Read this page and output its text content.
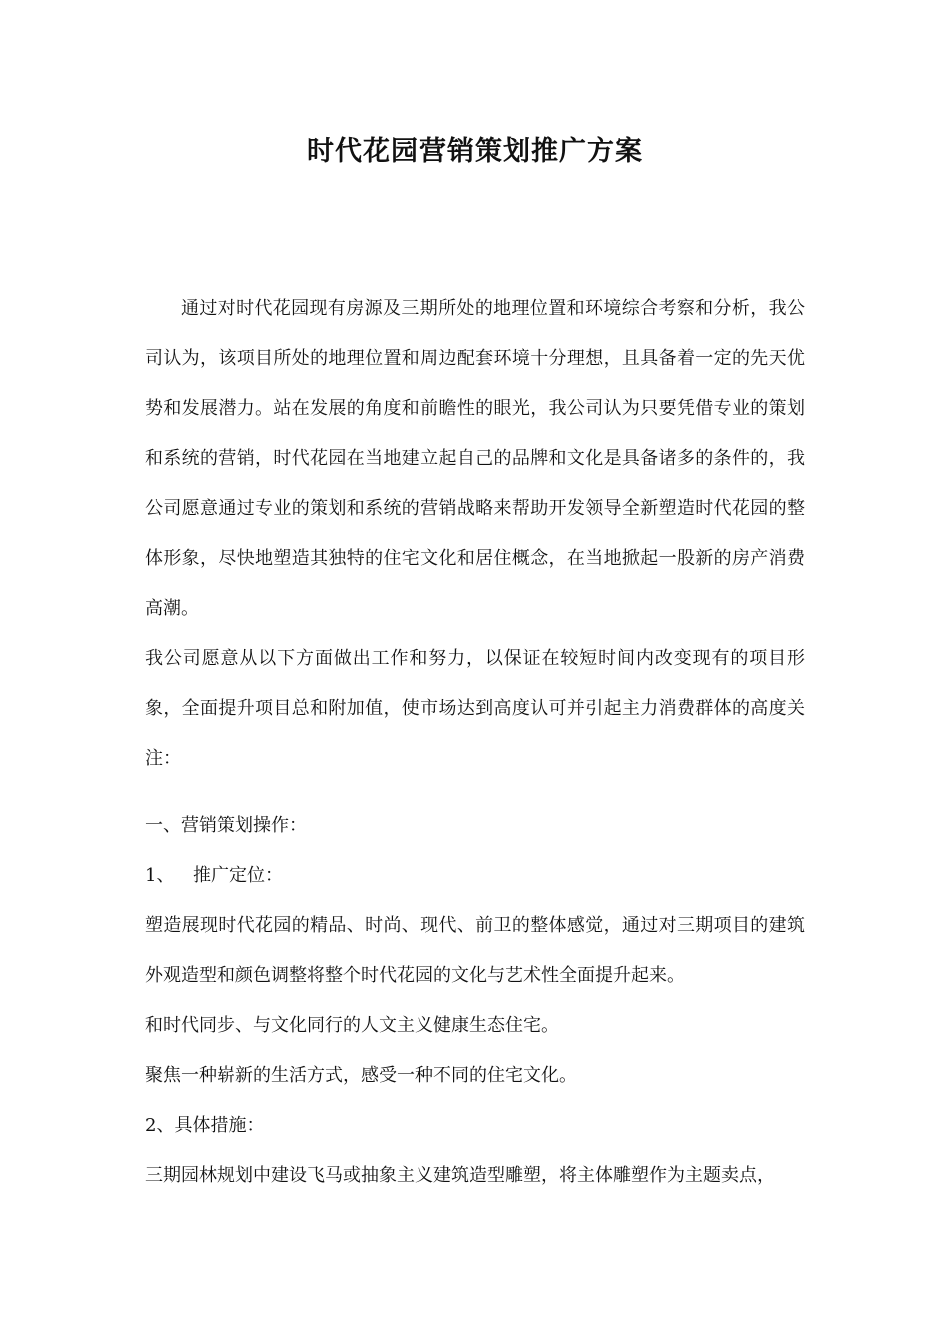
时代花园营销策划推广方案

通过对时代花园现有房源及三期所处的地理位置和环境综合考察和分析，我公司认为，该项目所处的地理位置和周边配套环境十分理想，且具备着一定的先天优势和发展潜力。站在发展的角度和前瞻性的眼光，我公司认为只要凭借专业的策划和系统的营销，时代花园在当地建立起自己的品牌和文化是具备诸多的条件的，我公司愿意通过专业的策划和系统的营销战略来帮助开发领导全新塑造时代花园的整体形象，尽快地塑造其独特的住宅文化和居住概念，在当地掀起一股新的房产消费高潮。

我公司愿意从以下方面做出工作和努力，以保证在较短时间内改变现有的项目形象，全面提升项目总和附加值，使市场达到高度认可并引起主力消费群体的高度关注：

一、营销策划操作：

1、 推广定位：

塑造展现时代花园的精品、时尚、现代、前卫的整体感觉，通过对三期项目的建筑外观造型和颜色调整将整个时代花园的文化与艺术性全面提升起来。

和时代同步、与文化同行的人文主义健康生态住宅。

聚焦一种崭新的生活方式，感受一种不同的住宅文化。

2、具体措施：

三期园林规划中建设飞马或抽象主义建筑造型雕塑，将主体雕塑作为主题卖点，
